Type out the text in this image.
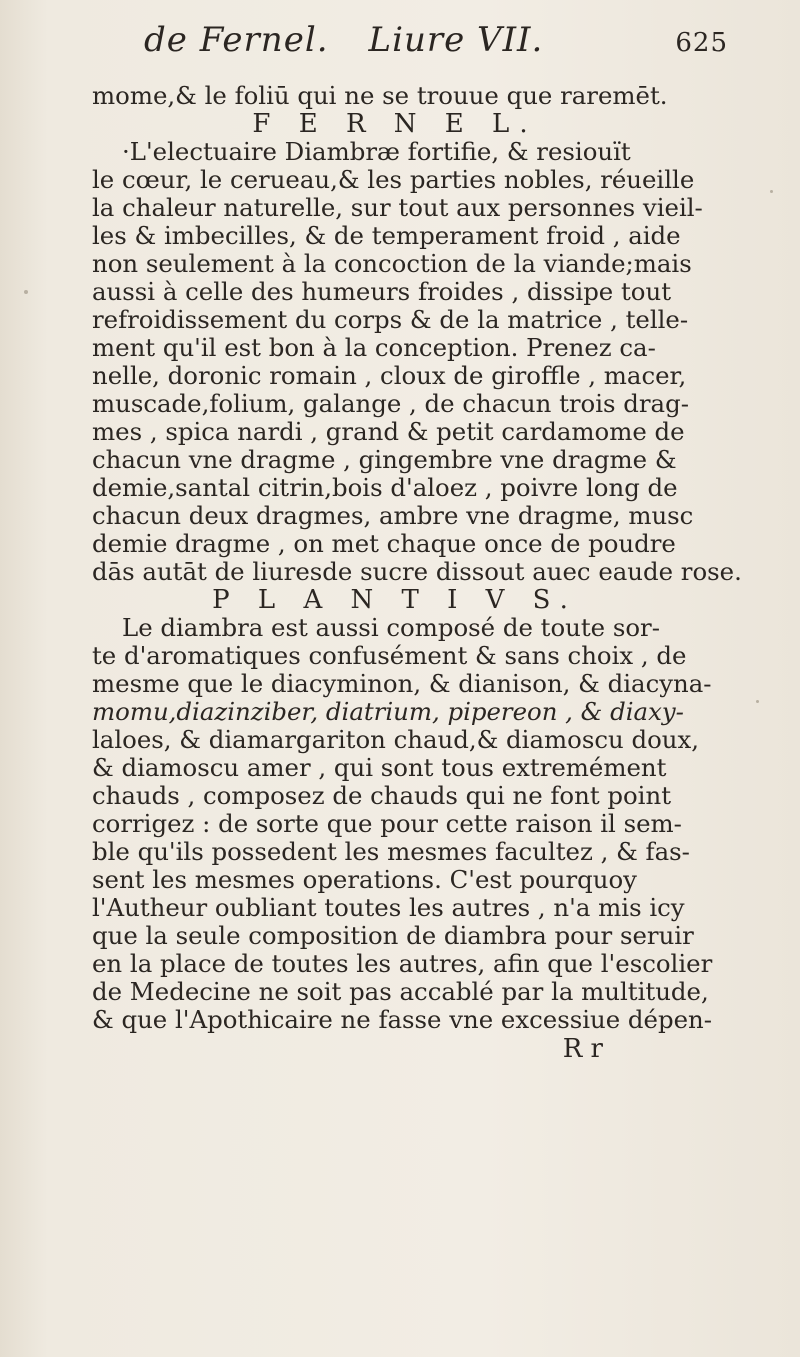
de Fernel. Liure VII.	625
mome,& le foliū qui ne se trouue que raremēt.
F E R N E L.
·L'electuaire Diambræ fortifie, & resiouït
le cœur, le cerueau,& les parties nobles, réueille
la chaleur naturelle, sur tout aux personnes vieil-
les & imbecilles, & de temperament froid , aide
non seulement à la concoction de la viande;mais
aussi à celle des humeurs froides , dissipe tout
refroidissement du corps & de la matrice , telle-
ment qu'il est bon à la conception. Prenez ca-
nelle, doronic romain , cloux de giroffle , macer,
muscade,folium, galange , de chacun trois drag-
mes , spica nardi , grand & petit cardamome de
chacun vne dragme , gingembre vne dragme &
demie,santal citrin,bois d'aloez , poivre long de
chacun deux dragmes, ambre vne dragme, musc
demie dragme , on met chaque once de poudre
dās autāt de liuresde sucre dissout auec eaude rose.
P L A N T I V S.
Le diambra est aussi composé de toute sor-
te d'aromatiques confusément & sans choix , de
mesme que le diacyminon, & dianison, & diacyna-
momu,diazinziber, diatrium, pipereon , & diaxy-
laloes, & diamargariton chaud,& diamoscu doux,
& diamoscu amer , qui sont tous extremément
chauds , composez de chauds qui ne font point
corrigez : de sorte que pour cette raison il sem-
ble qu'ils possedent les mesmes facultez , & fas-
sent les mesmes operations. C'est pourquoy
l'Autheur oubliant toutes les autres , n'a mis icy
que la seule composition de diambra pour seruir
en la place de toutes les autres, afin que l'escolier
de Medecine ne soit pas accablé par la multitude,
& que l'Apothicaire ne fasse vne excessiue dépen-
R r
